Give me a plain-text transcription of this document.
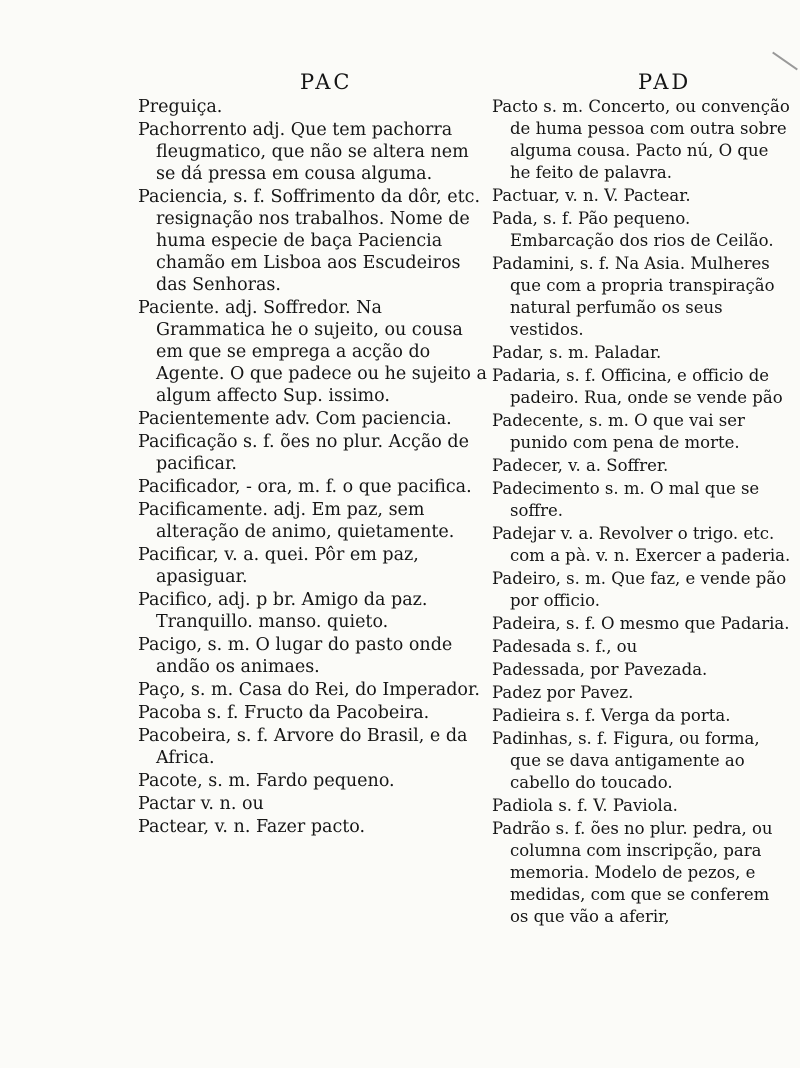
PAC	PAD
Preguiça.
Pachorrento adj. Que tem pachorra fleugmatico, que não se altera nem se dá pressa em cousa alguma.
Paciencia, s. f. Soffrimento da dôr, etc. resignação nos trabalhos. Nome de huma especie de baça Paciencia chamão em Lisboa aos Escudeiros das Senhoras.
Paciente. adj. Soffredor. Na Grammatica he o sujeito, ou cousa em que se emprega a acção do Agente. O que padece ou he sujeito a algum affecto Sup. issimo.
Pacientemente adv. Com paciencia.
Pacificação s. f. ões no plur. Acção de pacificar.
Pacificador, - ora, m. f. o que pacifica.
Pacificamente. adj. Em paz, sem alteração de animo, quietamente.
Pacificar, v. a. quei. Pôr em paz, apasiguar.
Pacifico, adj. p br. Amigo da paz. Tranquillo. manso. quieto.
Pacigo, s. m. O lugar do pasto onde andão os animaes.
Paço, s. m. Casa do Rei, do Imperador.
Pacoba s. f. Fructo da Pacobeira.
Pacobeira, s. f. Arvore do Brasil, e da Africa.
Pacote, s. m. Fardo pequeno.
Pactar v. n. ou
Pactear, v. n. Fazer pacto.
Pacto s. m. Concerto, ou convenção de huma pessoa com outra sobre alguma cousa. Pacto nú, O que he feito de palavra.
Pactuar, v. n. V. Pactear.
Pada, s. f. Pão pequeno. Embarcação dos rios de Ceilão.
Padamini, s. f. Na Asia. Mulheres que com a propria transpiração natural perfumão os seus vestidos.
Padar, s. m. Paladar.
Padaria, s. f. Officina, e officio de padeiro. Rua, onde se vende pão
Padecente, s. m. O que vai ser punido com pena de morte.
Padecer, v. a. Soffrer.
Padecimento s. m. O mal que se soffre.
Padejar v. a. Revolver o trigo. etc. com a pà. v. n. Exercer a paderia.
Padeiro, s. m. Que faz, e vende pão por officio.
Padeira, s. f. O mesmo que Padaria.
Padesada s. f., ou
Padessada, por Pavezada.
Padez por Pavez.
Padieira s. f. Verga da porta.
Padinhas, s. f. Figura, ou forma, que se dava antigamente ao cabello do toucado.
Padiola s. f. V. Paviola.
Padrão s. f. ões no plur. pedra, ou columna com inscripção, para memoria. Modelo de pezos, e medidas, com que se conferem os que vão a aferir,
